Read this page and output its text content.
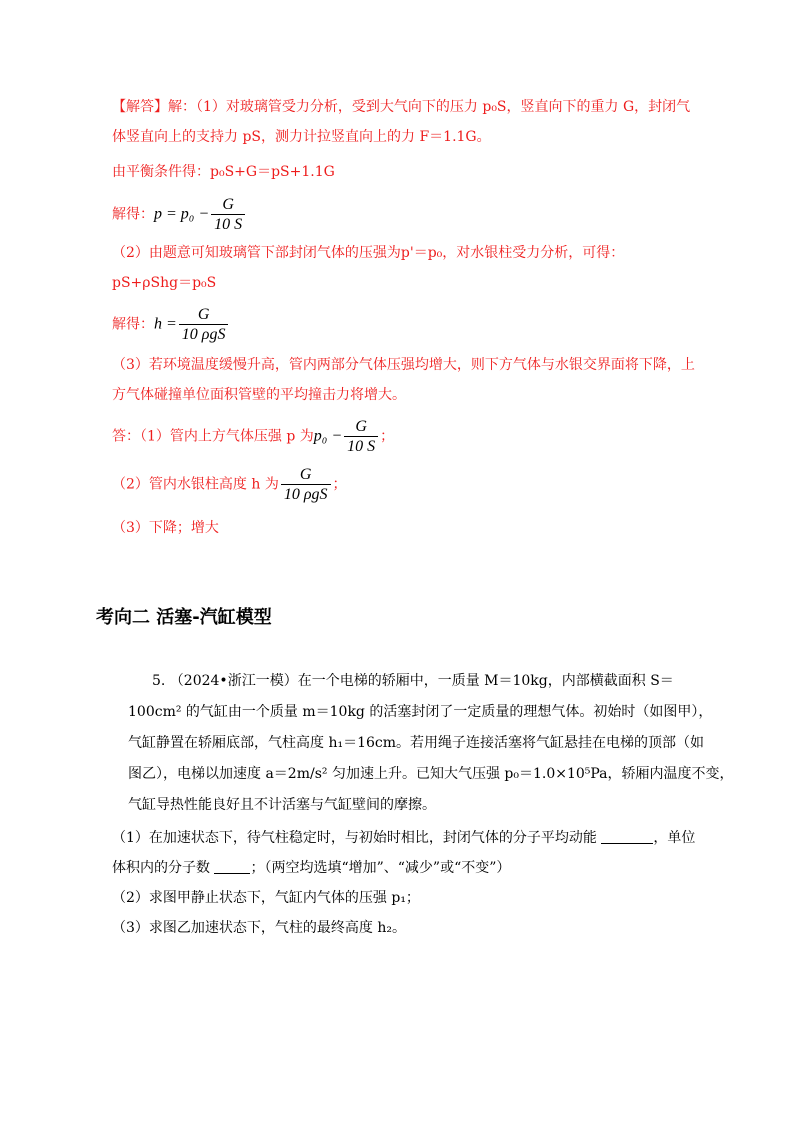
【解答】解：（1）对玻璃管受力分析，受到大气向下的压力 p₀S，竖直向下的重力 G，封闭气
体竖直向上的支持力 pS，测力计拉竖直向上的力 F＝1.1G。
由平衡条件得：p₀S+G＝pS+1.1G
解得：$p = p_0 - \frac{G}{10 S}$
（2）由题意可知玻璃管下部封闭气体的压强为p'＝p₀，对水银柱受力分析，可得：
pS+ρShg＝p₀S
解得：$h = \frac{G}{\text{10 ρgS}}$
（3）若环境温度缓慢升高，管内两部分气体压强均增大，则下方气体与水银交界面将下降，上
方气体碰撞单位面积管壁的平均撞击力将增大。
答：（1）管内上方气体压强 p 为$p_0 - \frac{G}{10 S}$ ；
（2）管内水银柱高度 h 为 $\frac{G}{\text{10 ρgS}}$ ；
（3）下降；增大
考向二 活塞-汽缸模型
5. （2024•浙江一模）在一个电梯的轿厢中，一质量 M＝10kg，内部横截面积 S＝
100cm² 的气缸由一个质量 m＝10kg 的活塞封闭了一定质量的理想气体。初始时（如图甲），
气缸静置在轿厢底部，气柱高度 h₁＝16cm。若用绳子连接活塞将气缸悬挂在电梯的顶部（如
图乙），电梯以加速度 a＝2m/s² 匀加速上升。已知大气压强 p₀＝1.0×10⁵Pa，轿厢内温度不变，
气缸导热性能良好且不计活塞与气缸壁间的摩擦。
（1）在加速状态下，待气柱稳定时，与初始时相比，封闭气体的分子平均动能	，单位
体积内的分子数	；（两空均选填“增加”、“减少”或“不变”）
（2）求图甲静止状态下，气缸内气体的压强 p₁；
（3）求图乙加速状态下，气柱的最终高度 h₂。
